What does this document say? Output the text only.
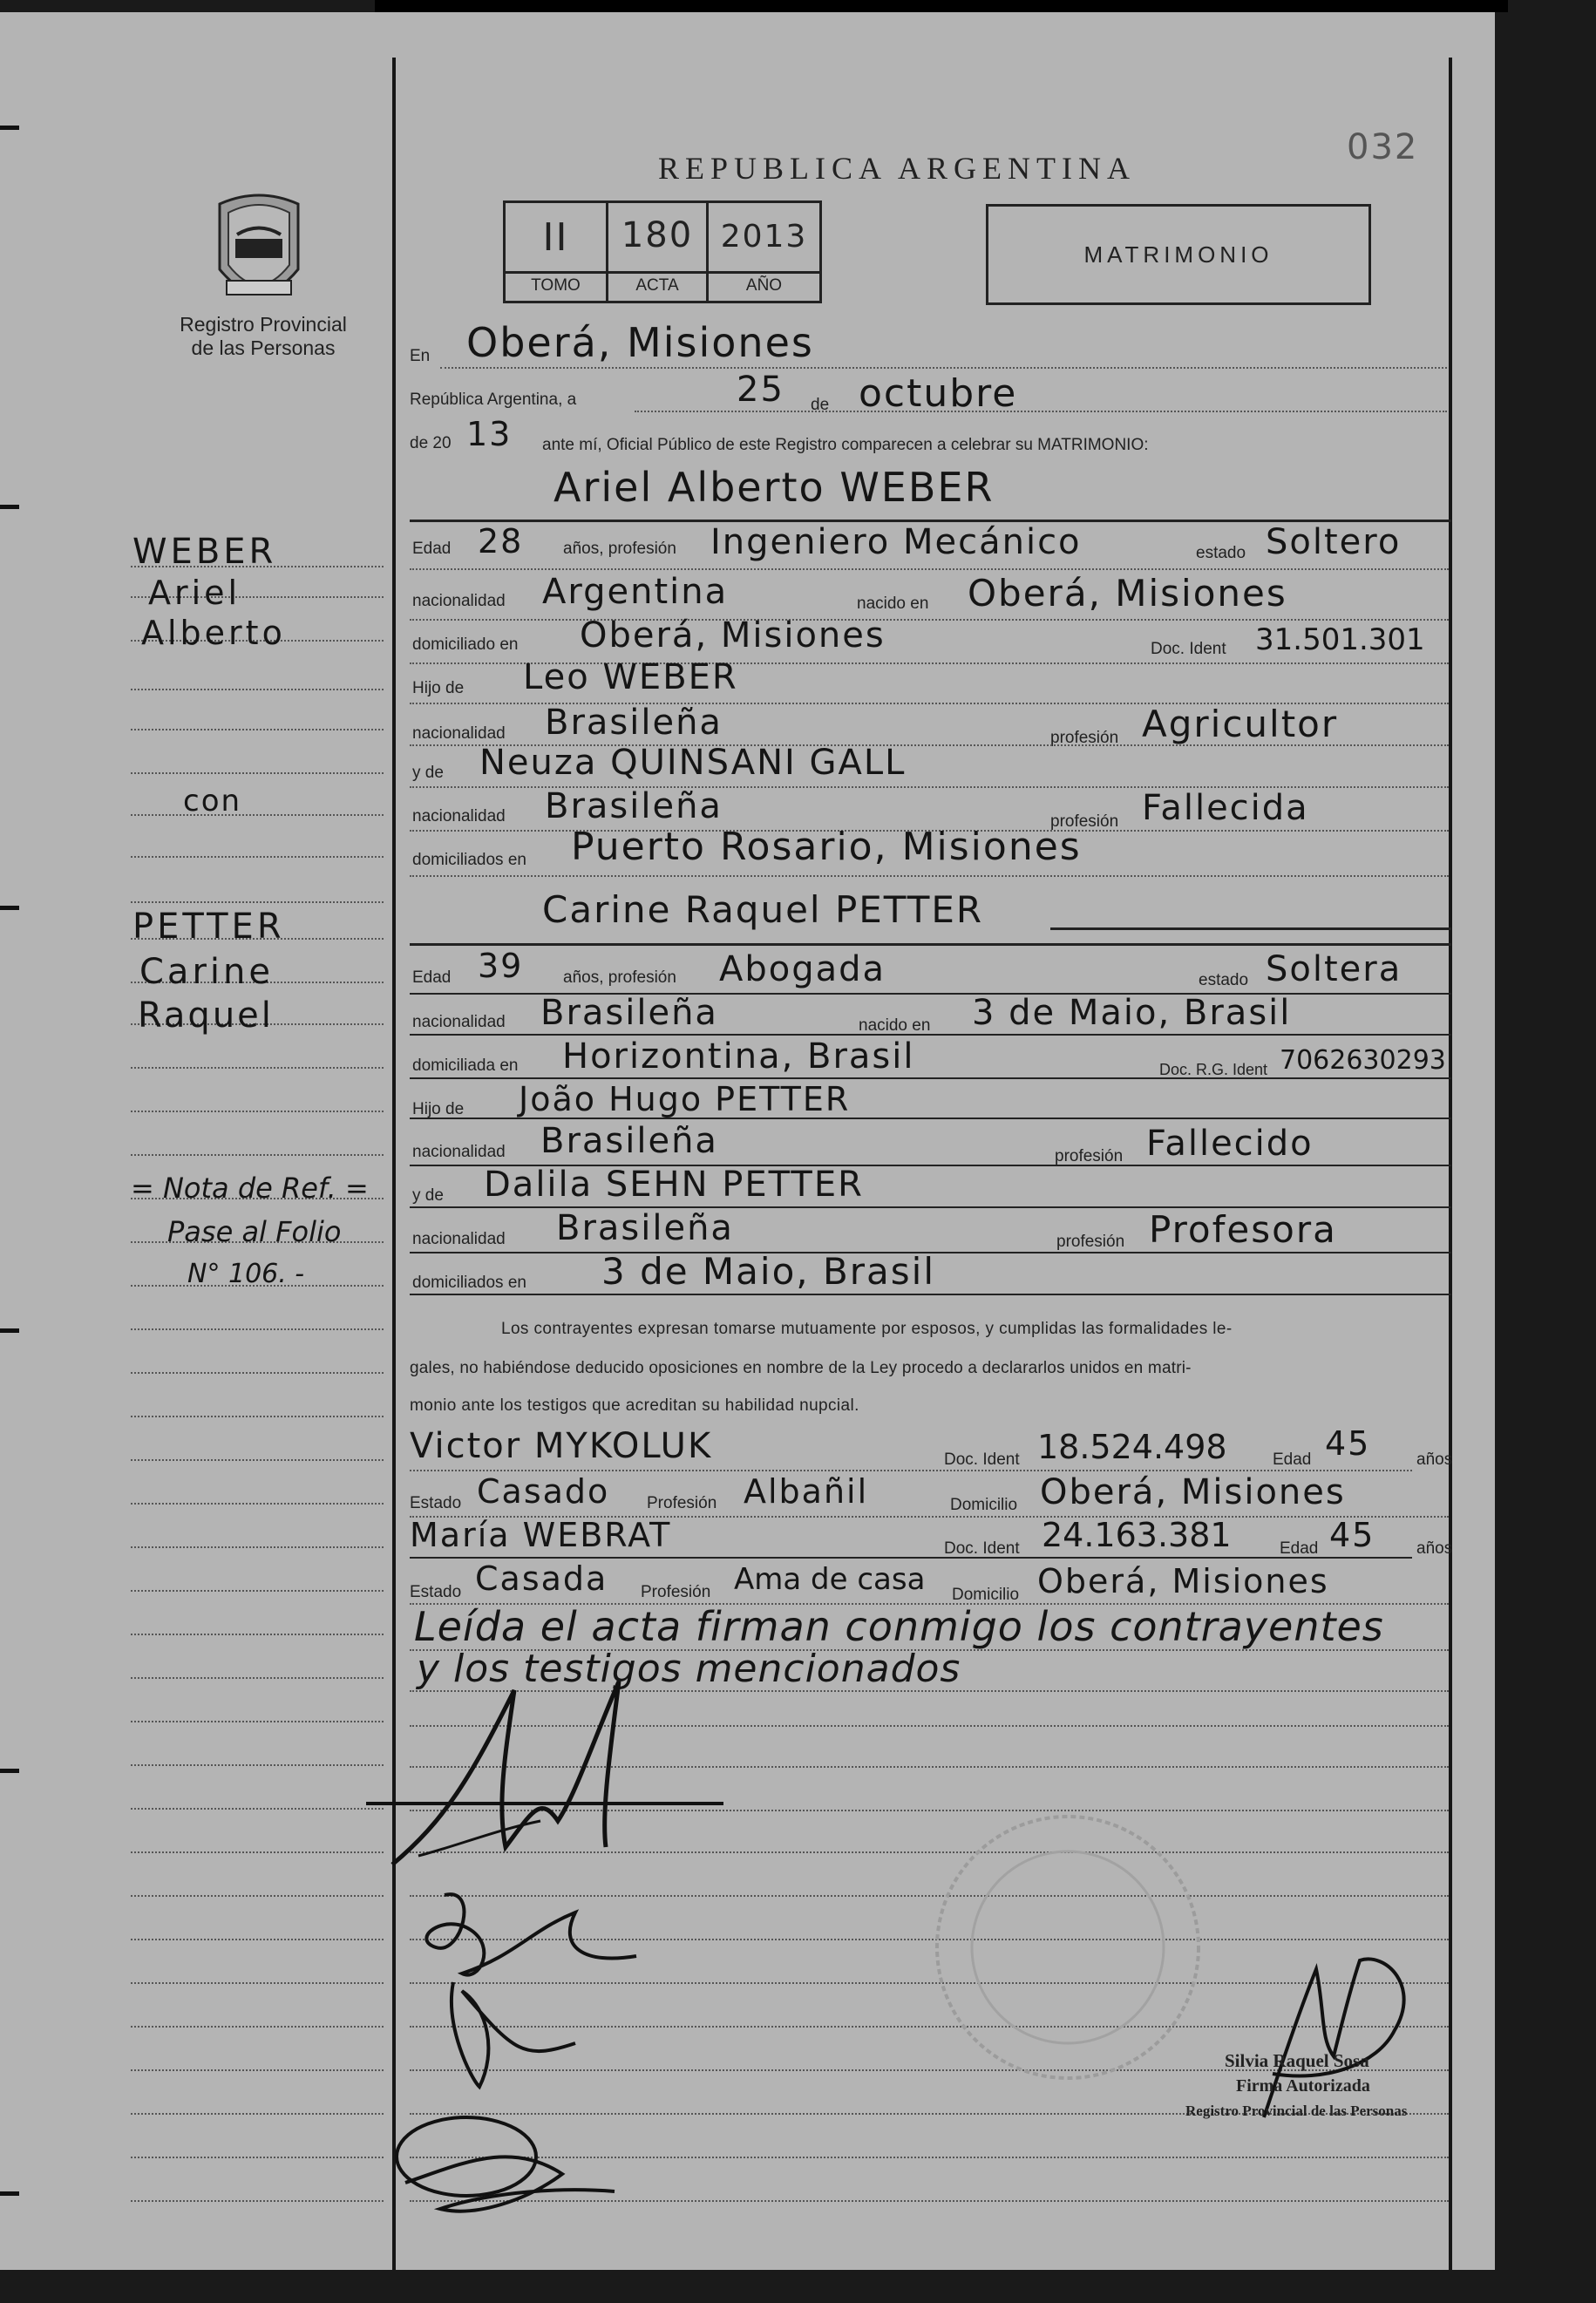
Registro Provincial
de las Personas
REPUBLICA ARGENTINA
032
II	180 2013
TOMO	ACTA	AÑO
MATRIMONIO
En Oberá, Misiones
República Argentina, a	25 de octubre
de 20 13 ante mí, Oficial Público de este Registro comparecen a celebrar su MATRIMONIO:
Ariel Alberto WEBER
Edad 28 años, profesión Ingeniero Mecánico	estado Soltero
nacionalidad Argentina	nacido en Oberá, Misiones
domiciliado en Oberá, Misiones	Doc. Ident 31.501.301
Hijo de Leo WEBER
nacionalidad Brasileña	profesión Agricultor
y de Neuza QUINSANI GALL
nacionalidad Brasileña	profesión Fallecida
domiciliados en Puerto Rosario, Misiones
Carine Raquel PETTER
Edad 39 años, profesión Abogada	estado Soltera
nacionalidad Brasileña	nacido en 3 de Maio, Brasil
domiciliada en Horizontina, Brasil	Doc. R.G. Ident 7062630293
Hijo de João Hugo PETTER
nacionalidad Brasileña	profesión Fallecido
y de Dalila SEHN PETTER
nacionalidad Brasileña	profesión Profesora
domiciliados en 3 de Maio, Brasil
Los contrayentes expresan tomarse mutuamente por esposos, y cumplidas las formalidades le-
gales, no habiéndose deducido oposiciones en nombre de la Ley procedo a declararlos unidos en matri-
monio ante los testigos que acreditan su habilidad nupcial.
Victor MYKOLUK	Doc. Ident 18.524.498	Edad 45	años
Estado Casado Profesión Albañil	Domicilio Oberá, Misiones
María WEBRAT	Doc. Ident 24.163.381	Edad 45	años
Estado Casada Profesión Ama de casa Domicilio Oberá, Misiones
Leída el acta firman conmigo los contrayentes
y los testigos mencionados
Silvia Raquel Sosa
Firma Autorizada
Registro Provincial de las Personas
WEBER
Ariel
Alberto
con
PETTER
Carine
Raquel
= Nota de Ref. =
Pase al Folio
N° 106. -
